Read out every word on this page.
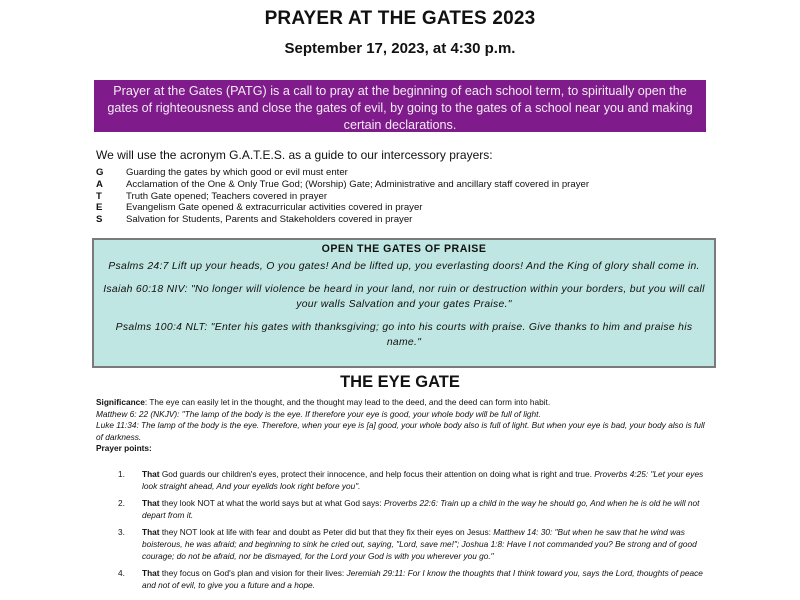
PRAYER AT THE GATES 2023
September 17, 2023, at 4:30 p.m.
Prayer at the Gates (PATG) is a call to pray at the beginning of each school term, to spiritually open the gates of righteousness and close the gates of evil, by going to the gates of a school near you and making certain declarations.
We will use the acronym G.A.T.E.S. as a guide to our intercessory prayers:
G	Guarding the gates by which good or evil must enter
A	Acclamation of the One & Only True God; (Worship) Gate; Administrative and ancillary staff covered in prayer
T	Truth Gate opened; Teachers covered in prayer
E	Evangelism Gate opened & extracurricular activities covered in prayer
S	Salvation for Students, Parents and Stakeholders covered in prayer
OPEN THE GATES OF PRAISE
Psalms 24:7 Lift up your heads, O you gates! And be lifted up, you everlasting doors! And the King of glory shall come in.
Isaiah 60:18 NIV: "No longer will violence be heard in your land, nor ruin or destruction within your borders, but you will call your walls Salvation and your gates Praise."
Psalms 100:4 NLT: "Enter his gates with thanksgiving; go into his courts with praise. Give thanks to him and praise his name."
THE EYE GATE
Significance: The eye can easily let in the thought, and the thought may lead to the deed, and the deed can form into habit.
Matthew 6: 22 (NKJV): "The lamp of the body is the eye. If therefore your eye is good, your whole body will be full of light.
Luke 11:34: The lamp of the body is the eye. Therefore, when your eye is [a] good, your whole body also is full of light. But when your eye is bad, your body also is full of darkness.
Prayer points:
1.	That God guards our children's eyes, protect their innocence, and help focus their attention on doing what is right and true. Proverbs 4:25: "Let your eyes look straight ahead, And your eyelids look right before you".
2.	That they look NOT at what the world says but at what God says: Proverbs 22:6: Train up a child in the way he should go, And when he is old he will not depart from it.
3.	That they NOT look at life with fear and doubt as Peter did but that they fix their eyes on Jesus: Matthew 14: 30: "But when he saw that he wind was boisterous, he was afraid; and beginning to sink he cried out, saying, "Lord, save me!"; Joshua 1:8: Have I not commanded you? Be strong and of good courage; do not be afraid, nor be dismayed, for the Lord your God is with you wherever you go."
4.	That they focus on God's plan and vision for their lives: Jeremiah 29:11: For I know the thoughts that I think toward you, says the Lord, thoughts of peace and not of evil, to give you a future and a hope.
